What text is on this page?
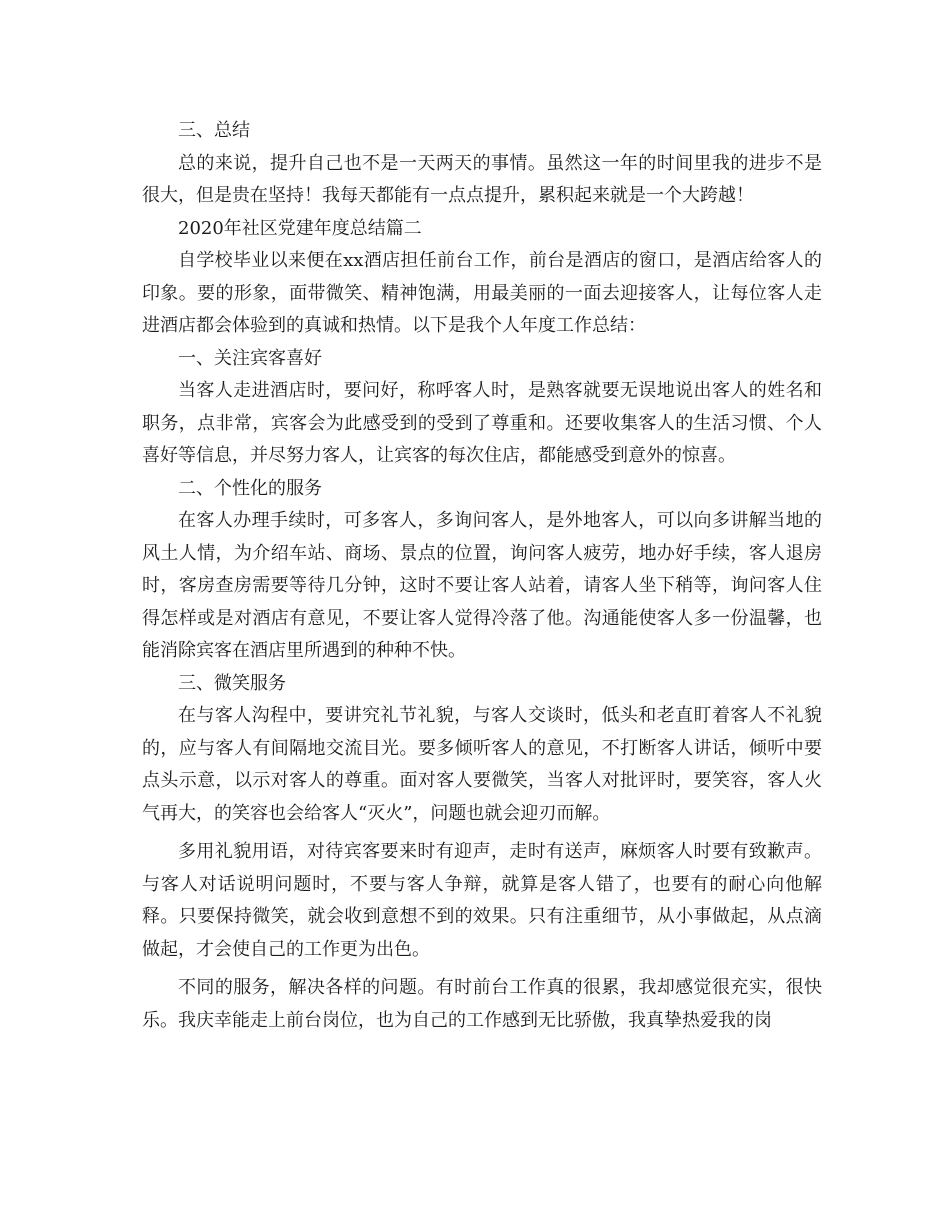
三、总结

总的来说，提升自己也不是一天两天的事情。虽然这一年的时间里我的进步不是很大，但是贵在坚持！我每天都能有一点点提升，累积起来就是一个大跨越！

2020年社区党建年度总结篇二

自学校毕业以来便在xx酒店担任前台工作，前台是酒店的窗口，是酒店给客人的印象。要的形象，面带微笑、精神饱满，用最美丽的一面去迎接客人，让每位客人走进酒店都会体验到的真诚和热情。以下是我个人年度工作总结：

一、关注宾客喜好

当客人走进酒店时，要问好，称呼客人时，是熟客就要无误地说出客人的姓名和职务，点非常，宾客会为此感受到的受到了尊重和。还要收集客人的生活习惯、个人喜好等信息，并尽努力客人，让宾客的每次住店，都能感受到意外的惊喜。

二、个性化的服务

在客人办理手续时，可多客人，多询问客人，是外地客人，可以向多讲解当地的风土人情，为介绍车站、商场、景点的位置，询问客人疲劳，地办好手续，客人退房时，客房查房需要等待几分钟，这时不要让客人站着，请客人坐下稍等，询问客人住得怎样或是对酒店有意见，不要让客人觉得冷落了他。沟通能使客人多一份温馨，也能消除宾客在酒店里所遇到的种种不快。

三、微笑服务

在与客人沟程中，要讲究礼节礼貌，与客人交谈时，低头和老直盯着客人不礼貌的，应与客人有间隔地交流目光。要多倾听客人的意见，不打断客人讲话，倾听中要点头示意，以示对客人的尊重。面对客人要微笑，当客人对批评时，要笑容，客人火气再大，的笑容也会给客人“灭火”，问题也就会迎刃而解。

多用礼貌用语，对待宾客要来时有迎声，走时有送声，麻烦客人时要有致歉声。与客人对话说明问题时，不要与客人争辩，就算是客人错了，也要有的耐心向他解释。只要保持微笑，就会收到意想不到的效果。只有注重细节，从小事做起，从点滴做起，才会使自己的工作更为出色。

不同的服务，解决各样的问题。有时前台工作真的很累，我却感觉很充实，很快乐。我庆幸能走上前台岗位，也为自己的工作感到无比骄傲，我真挚热爱我的岗
